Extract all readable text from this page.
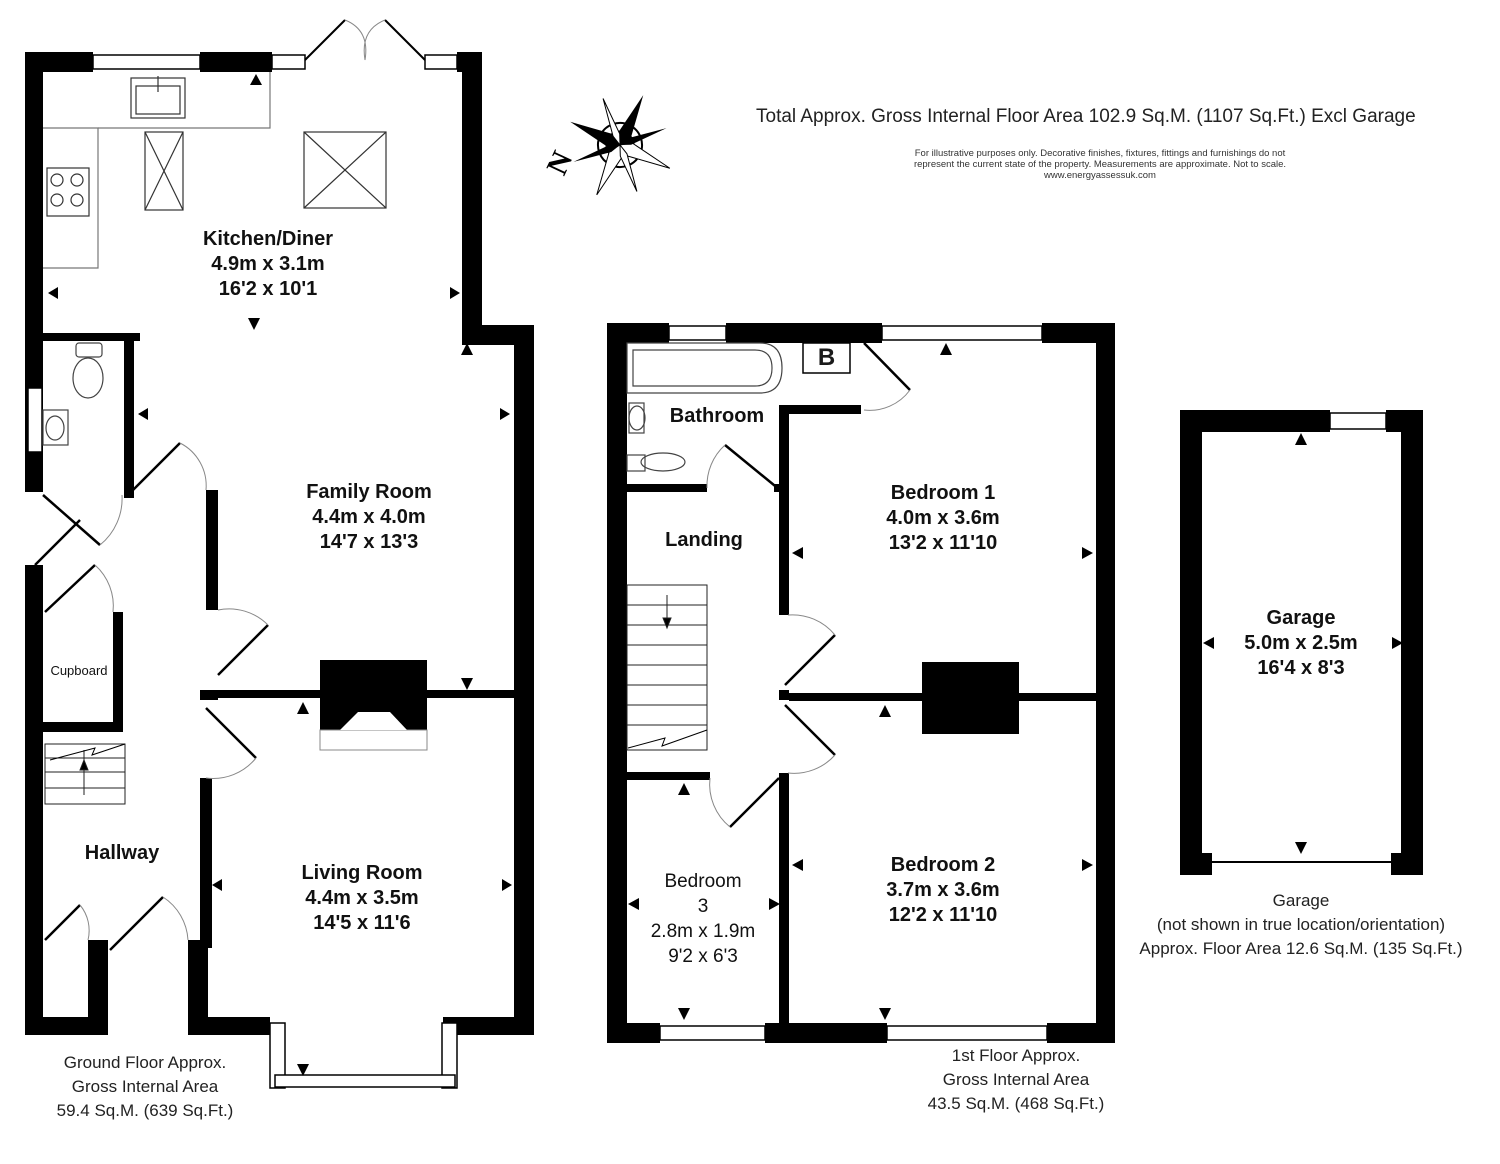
N
Total Approx. Gross Internal Floor Area 102.9 Sq.M. (1107 Sq.Ft.) Excl Garage
For illustrative purposes only. Decorative finishes, fixtures, fittings and furnishings do not
represent the current state of the property. Measurements are approximate. Not to scale.
www.energyassessuk.com
Kitchen/Diner
4.9m x 3.1m
16'2 x 10'1
Family Room
4.4m x 4.0m
14'7 x 13'3
Living Room
4.4m x 3.5m
14'5 x 11'6
Hallway
Cupboard
Ground Floor Approx.
Gross Internal Area
59.4 Sq.M. (639 Sq.Ft.)
Bathroom
Landing
Bedroom 1
4.0m x 3.6m
13'2 x 11'10
Bedroom 2
3.7m x 3.6m
12'2 x 11'10
Bedroom
3
2.8m x 1.9m
9'2 x 6'3
B
1st Floor Approx.
Gross Internal Area
43.5 Sq.M. (468 Sq.Ft.)
Garage
5.0m x 2.5m
16'4 x 8'3
Garage
(not shown in true location/orientation)
Approx. Floor Area 12.6 Sq.M. (135 Sq.Ft.)
